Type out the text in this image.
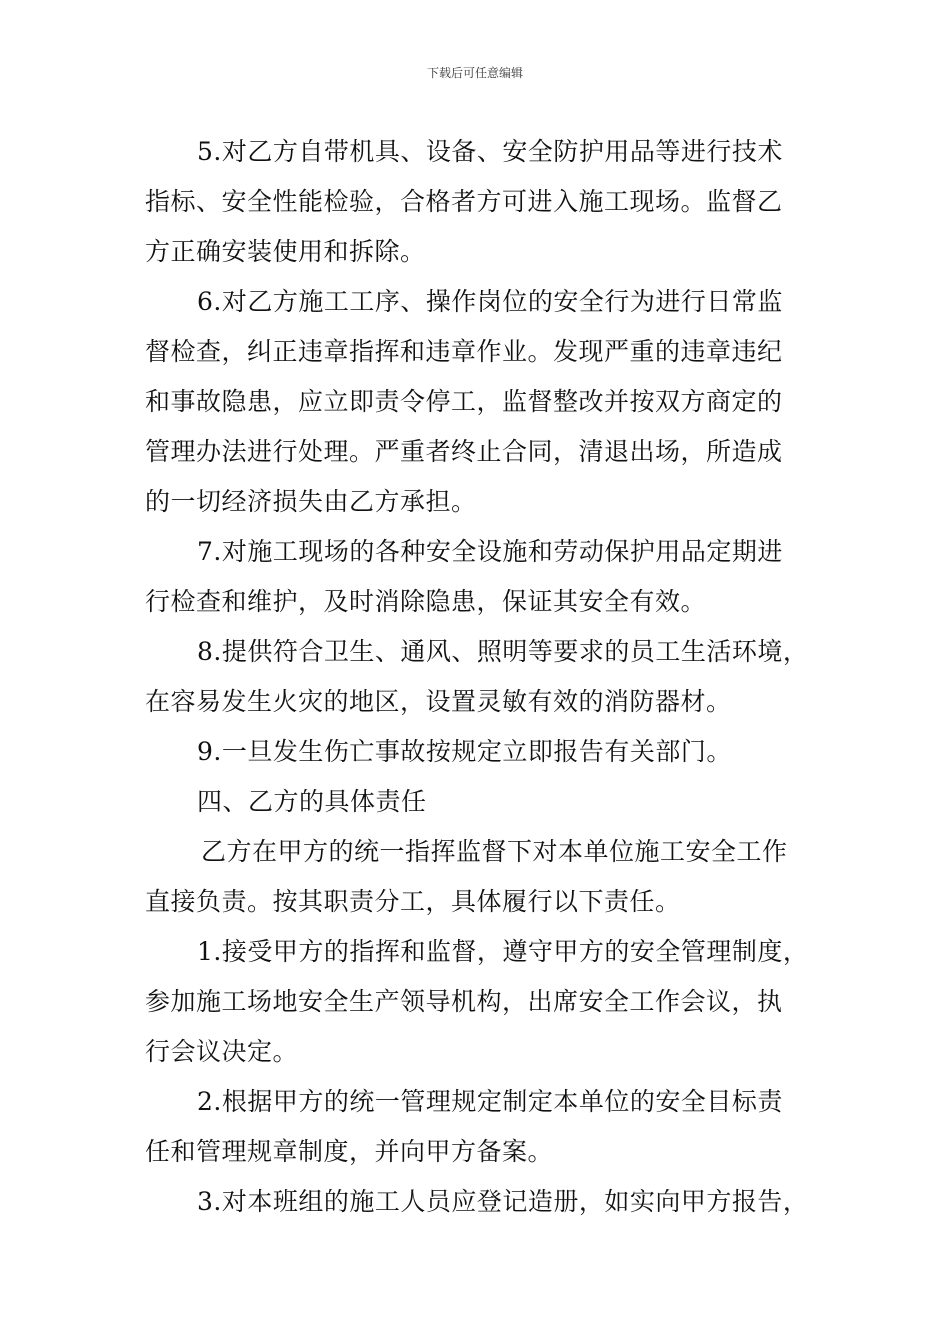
下载后可任意编辑
5.对乙方自带机具、设备、安全防护用品等进行技术
指标、安全性能检验，合格者方可进入施工现场。监督乙
方正确安装使用和拆除。
6.对乙方施工工序、操作岗位的安全行为进行日常监
督检查，纠正违章指挥和违章作业。发现严重的违章违纪
和事故隐患，应立即责令停工，监督整改并按双方商定的
管理办法进行处理。严重者终止合同，清退出场，所造成
的一切经济损失由乙方承担。
7.对施工现场的各种安全设施和劳动保护用品定期进
行检查和维护，及时消除隐患，保证其安全有效。
8.提供符合卫生、通风、照明等要求的员工生活环境，
在容易发生火灾的地区，设置灵敏有效的消防器材。
9.一旦发生伤亡事故按规定立即报告有关部门。
四、乙方的具体责任
乙方在甲方的统一指挥监督下对本单位施工安全工作
直接负责。按其职责分工，具体履行以下责任。
1.接受甲方的指挥和监督，遵守甲方的安全管理制度，
参加施工场地安全生产领导机构，出席安全工作会议，执
行会议决定。
2.根据甲方的统一管理规定制定本单位的安全目标责
任和管理规章制度，并向甲方备案。
3.对本班组的施工人员应登记造册，如实向甲方报告，
